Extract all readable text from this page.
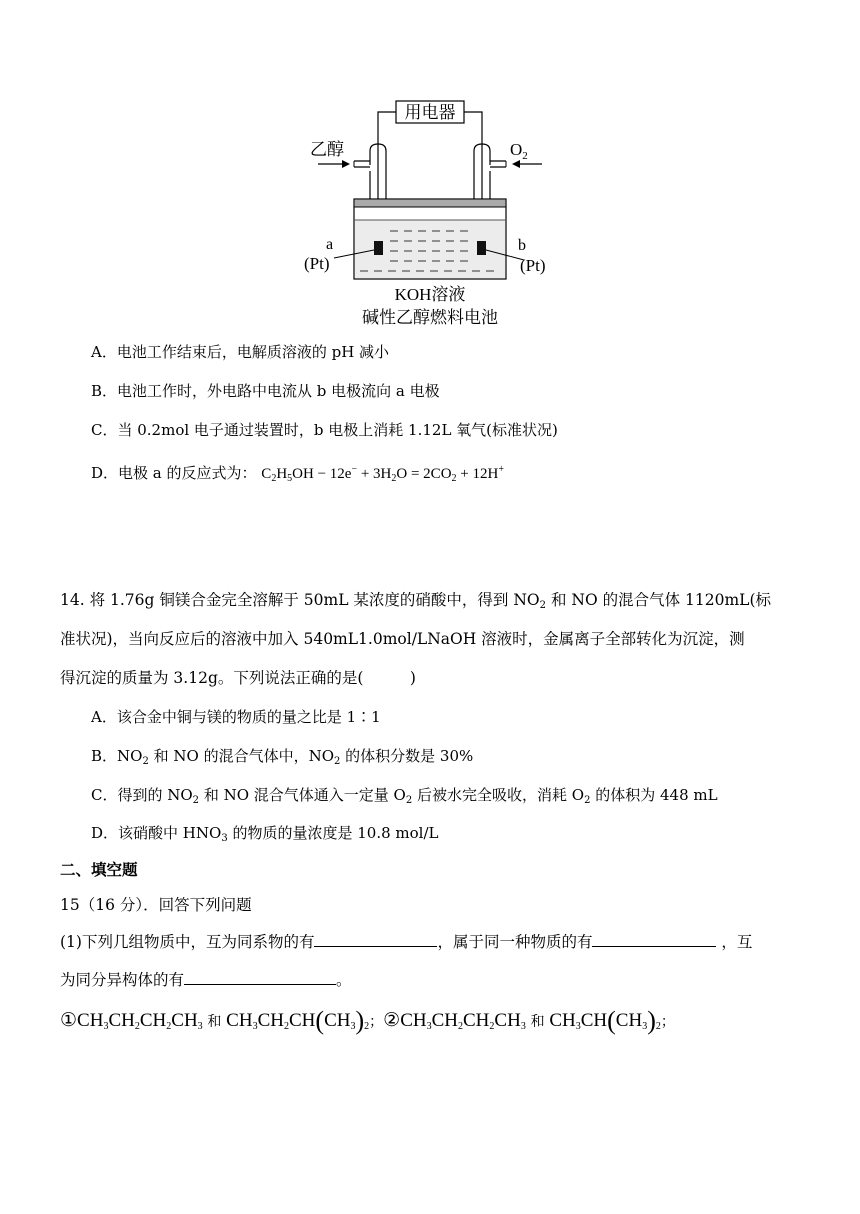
用电器
乙醇	$O_2$
a
(Pt)
b
(Pt)
KOH溶液
碱性乙醇燃料电池
A．电池工作结束后，电解质溶液的 pH 减小
B．电池工作时，外电路中电流从 b 电极流向 a 电极
C．当 0.2mol 电子通过装置时，b 电极上消耗 1.12L 氧气(标准状况)
D．电极 a 的反应式为： $C_2H_5OH - 12e^- + 3H_2O = 2CO_2 + 12H^+$
14. 将 1.76g 铜镁合金完全溶解于 50mL 某浓度的硝酸中，得到 $NO_2$ 和 NO 的混合气体 1120mL(标
准状况)，当向反应后的溶液中加入 540mL1.0mol/LNaOH 溶液时，金属离子全部转化为沉淀，测
得沉淀的质量为 3.12g。下列说法正确的是(　　　)
A．该合金中铜与镁的物质的量之比是 1∶1
B．$NO_2$ 和 NO 的混合气体中，$NO_2$ 的体积分数是 30%
C．得到的 $NO_2$ 和 NO 混合气体通入一定量 $O_2$ 后被水完全吸收，消耗 $O_2$ 的体积为 448 mL
D．该硝酸中 $HNO_3$ 的物质的量浓度是 10.8 mol/L
二、填空题
15（16 分）．回答下列问题
(1)下列几组物质中，互为同系物的有	，属于同一种物质的有	，互
为同分异构体的有	。
$①CH_3CH_2CH_2CH_3$ 和 $CH_3CH_2CH(CH_3)_2$；$②CH_3CH_2CH_2CH_3$ 和 $CH_3CH(CH_3)_2$；
